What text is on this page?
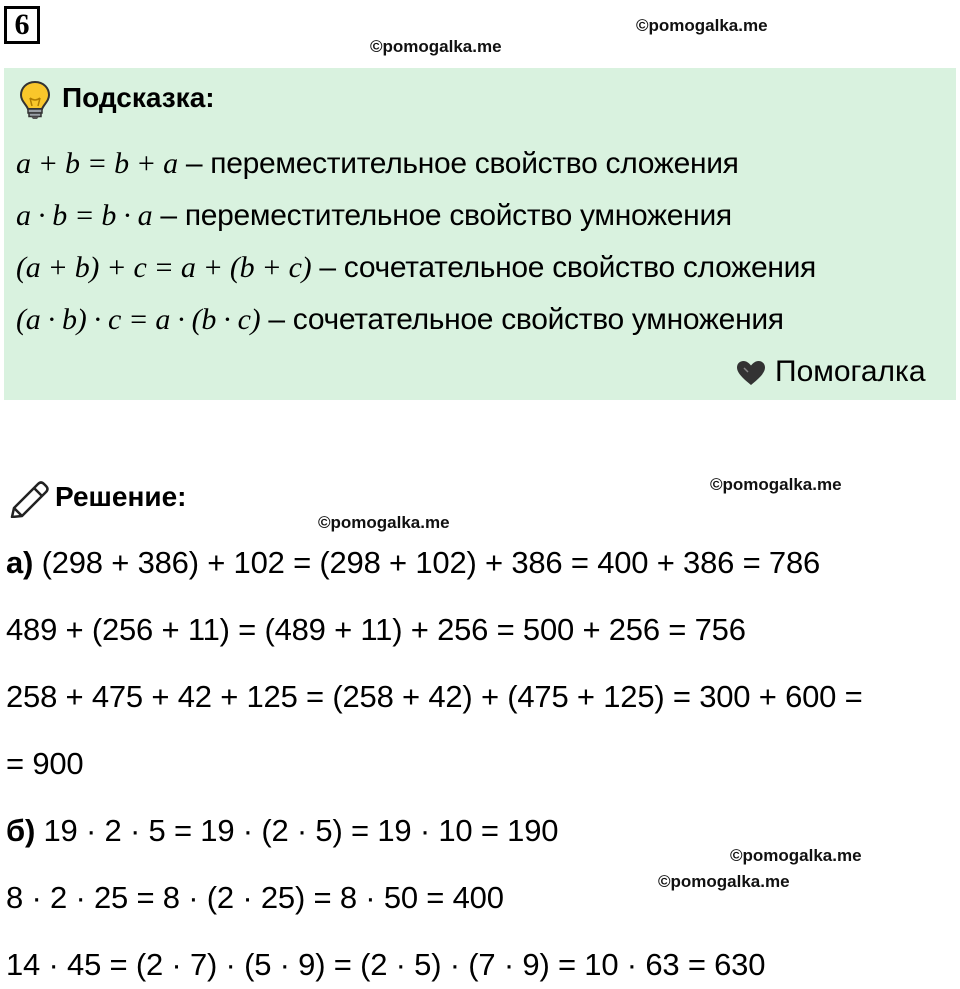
6	©pomogalka.me
©pomogalka.me
Подсказка:
a + b = b + a – переместительное свойство сложения
a · b = b · a – переместительное свойство умножения
(a + b) + c = a + (b + c) – сочетательное свойство сложения
(a · b) · c = a · (b · c) – сочетательное свойство умножения
Помогалка
Решение:	©pomogalka.me
©pomogalka.me
а) (298 + 386) + 102 = (298 + 102) + 386 = 400 + 386 = 786
489 + (256 + 11) = (489 + 11) + 256 = 500 + 256 = 756
258 + 475 + 42 + 125 = (258 + 42) + (475 + 125) = 300 + 600 =
= 900
б) 19 · 2 · 5 = 19 · (2 · 5) = 19 · 10 = 190
©pomogalka.me
©pomogalka.me
8 · 2 · 25 = 8 · (2 · 25) = 8 · 50 = 400
14 · 45 = (2 · 7) · (5 · 9) = (2 · 5) · (7 · 9) = 10 · 63 = 630
